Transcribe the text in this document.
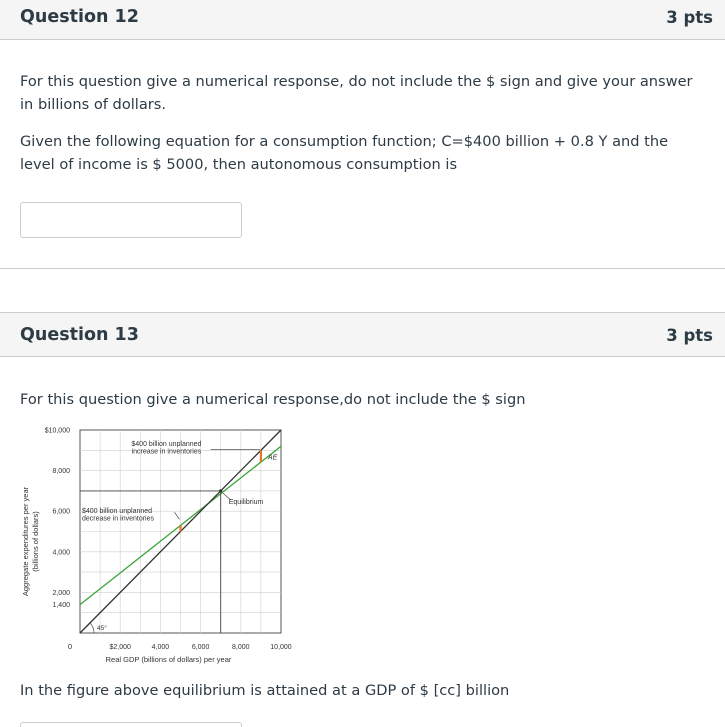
Question 12	3 pts

For this question give a numerical response, do not include the $ sign and give your answer in billions of dollars.

Given the following equation for a consumption function; C=$400 billion + 0.8 Y and the level of income is $ 5000, then autonomous consumption is

Question 13	3 pts

For this question give a numerical response,do not include the $ sign

1,400
2,000
4,000
6,000
8,000
$10,000
$2,000	4,000	6,000	8,000	10,000
$400 billion unplanned
increase in inventories
$400 billion unplanned
decrease in inventories
Equilibrium
AE
45°
Real GDP (billions of dollars) per year
Aggregate expenditures per year (billions of dollars)
0

In the figure above equilibrium is attained at a GDP of $ [cc] billion
